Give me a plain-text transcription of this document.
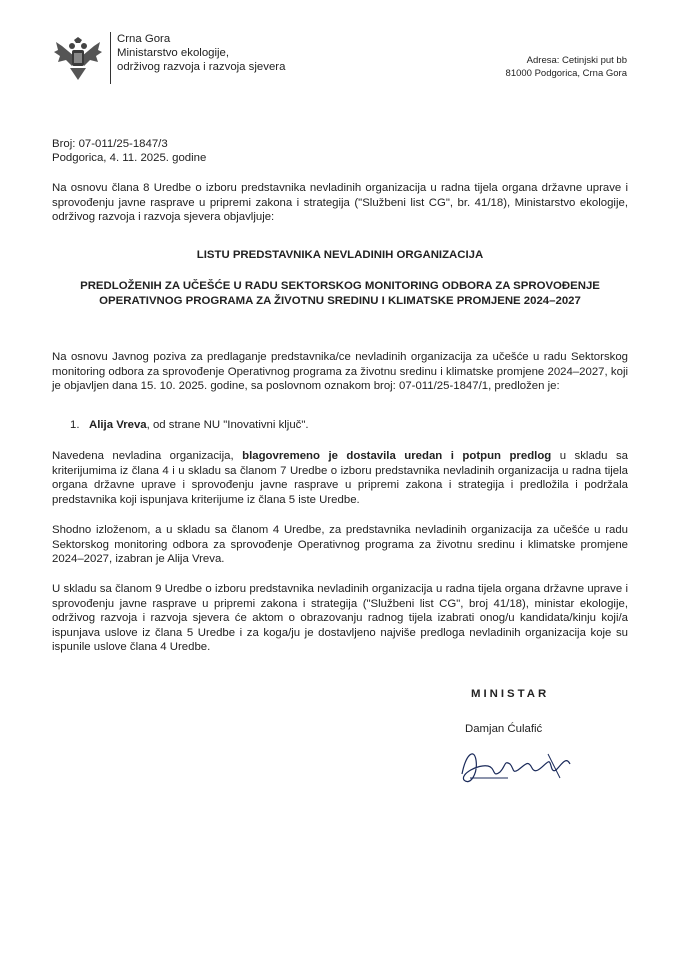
Crna Gora
Ministarstvo ekologije,
održivog razvoja i razvoja sjevera
Adresa: Cetinjski put bb
81000 Podgorica, Crna Gora
Broj: 07-011/25-1847/3
Podgorica, 4. 11. 2025. godine
Na osnovu člana 8 Uredbe o izboru predstavnika nevladinih organizacija u radna tijela organa državne uprave i sprovođenju javne rasprave u pripremi zakona i strategija ("Službeni list CG", br. 41/18), Ministarstvo ekologije, održivog razvoja i razvoja sjevera objavljuje:
LISTU PREDSTAVNIKA NEVLADINIH ORGANIZACIJA
PREDLOŽENIH ZA UČEŠĆE U RADU SEKTORSKOG MONITORING ODBORA ZA SPROVOĐENJE OPERATIVNOG PROGRAMA ZA ŽIVOTNU SREDINU I KLIMATSKE PROMJENE 2024–2027
Na osnovu Javnog poziva za predlaganje predstavnika/ce nevladinih organizacija za učešće u radu Sektorskog monitoring odbora za sprovođenje Operativnog programa za životnu sredinu i klimatske promjene 2024–2027, koji je objavljen dana 15. 10. 2025. godine, sa poslovnom oznakom broj: 07-011/25-1847/1, predložen je:
1. Alija Vreva, od strane NU "Inovativni ključ".
Navedena nevladina organizacija, blagovremeno je dostavila uredan i potpun predlog u skladu sa kriterijumima iz člana 4 i u skladu sa članom 7 Uredbe o izboru predstavnika nevladinih organizacija u radna tijela organa državne uprave i sprovođenju javne rasprave u pripremi zakona i strategija i predložila i podržala predstavnika koji ispunjava kriterijume iz člana 5 iste Uredbe.
Shodno izloženom, a u skladu sa članom 4 Uredbe, za predstavnika nevladinih organizacija za učešće u radu Sektorskog monitoring odbora za sprovođenje Operativnog programa za životnu sredinu i klimatske promjene 2024–2027, izabran je Alija Vreva.
U skladu sa članom 9 Uredbe o izboru predstavnika nevladinih organizacija u radna tijela organa državne uprave i sprovođenju javne rasprave u pripremi zakona i strategija ("Službeni list CG", broj 41/18), ministar ekologije, održivog razvoja i razvoja sjevera će aktom o obrazovanju radnog tijela izabrati onog/u kandidata/kinju koji/a ispunjava uslove iz člana 5 Uredbe i za koga/ju je dostavljeno najviše predloga nevladinih organizacija koje su ispunile uslove člana 4 Uredbe.
MINISTAR
Damjan Ćulafić
